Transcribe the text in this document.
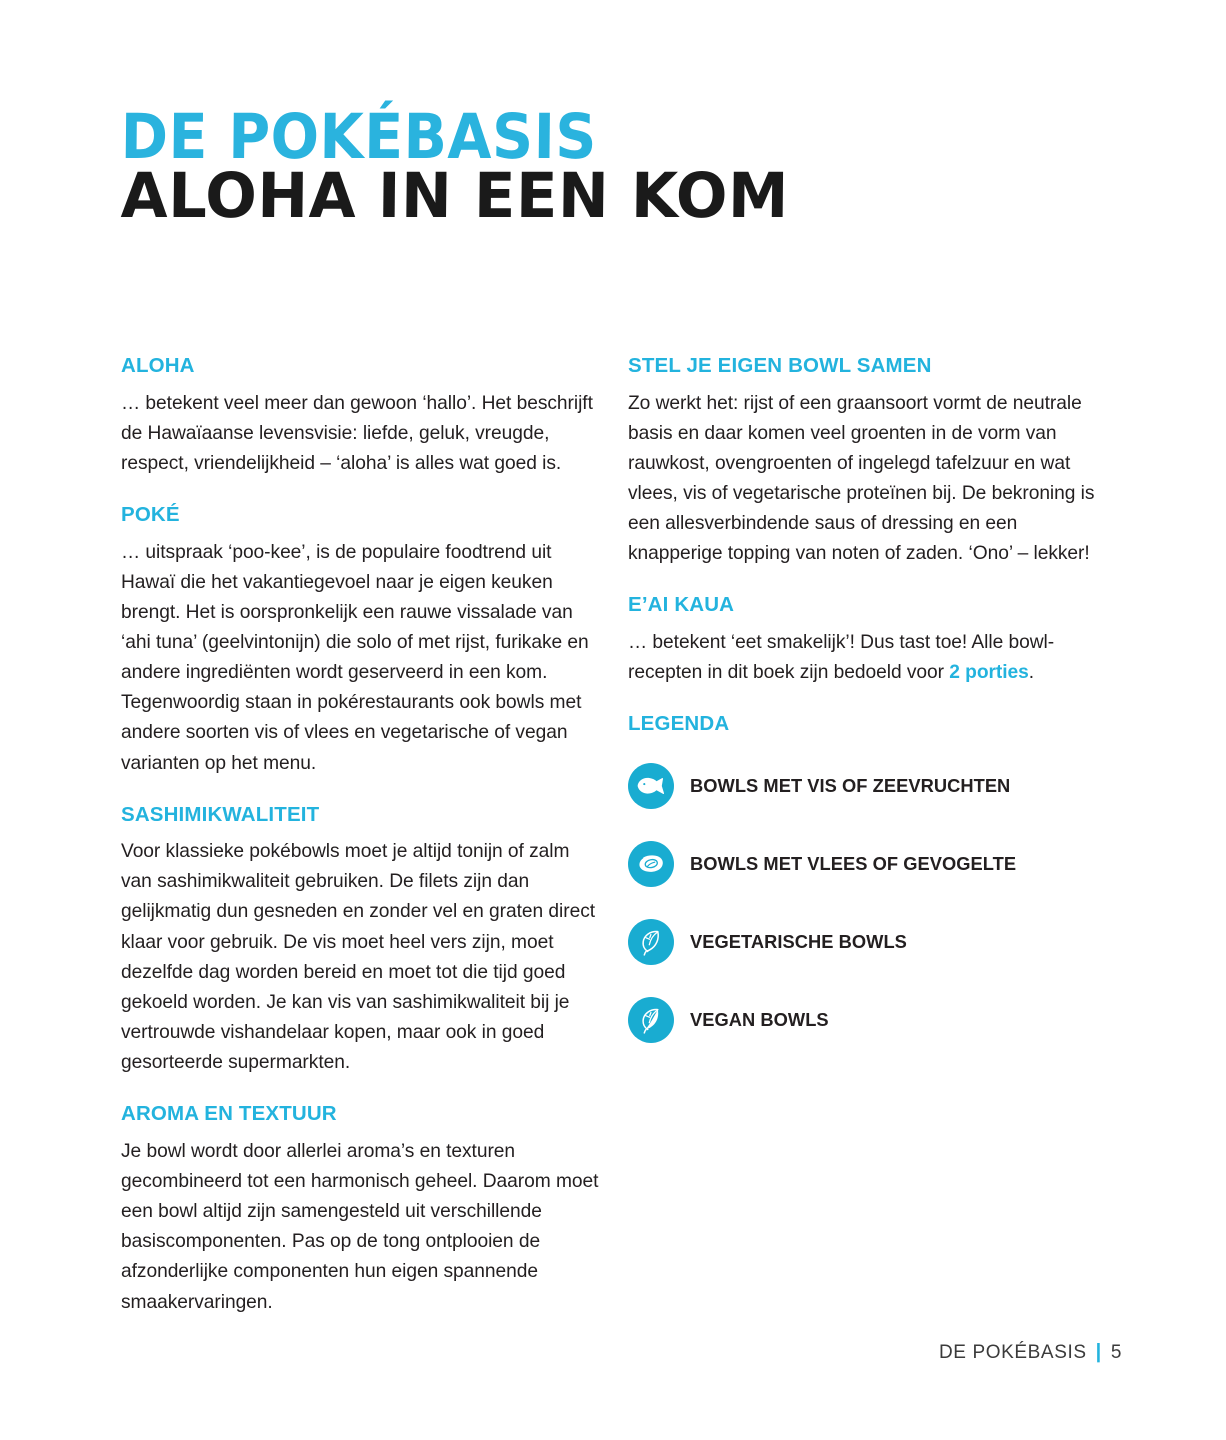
DE POKÉBASIS
ALOHA IN EEN KOM
ALOHA

… betekent veel meer dan gewoon ‘hallo’. Het beschrijft de Hawaïaanse levensvisie: liefde, geluk, vreugde, respect, vriendelijkheid – ‘aloha’ is alles wat goed is.

POKÉ

… uitspraak ‘poo-kee’, is de populaire foodtrend uit Hawaï die het vakantiegevoel naar je eigen keuken brengt. Het is oorspronkelijk een rauwe vissalade van ‘ahi tuna’ (geelvintonijn) die solo of met rijst, furikake en andere ingrediënten wordt geserveerd in een kom. Tegenwoordig staan in pokérestaurants ook bowls met andere soorten vis of vlees en vegetarische of vegan varianten op het menu.

SASHIMIKWALITEIT

Voor klassieke pokébowls moet je altijd tonijn of zalm van sashimikwaliteit gebruiken. De filets zijn dan gelijkmatig dun gesneden en zonder vel en graten direct klaar voor gebruik. De vis moet heel vers zijn, moet dezelfde dag worden bereid en moet tot die tijd goed gekoeld worden. Je kan vis van sashimikwaliteit bij je vertrouwde vishandelaar kopen, maar ook in goed gesorteerde supermarkten.

AROMA EN TEXTUUR

Je bowl wordt door allerlei aroma’s en texturen gecombineerd tot een harmonisch geheel. Daarom moet een bowl altijd zijn samengesteld uit verschillende basiscomponenten. Pas op de tong ontplooien de afzonderlijke componenten hun eigen spannende smaakervaringen.

STEL JE EIGEN BOWL SAMEN

Zo werkt het: rijst of een graansoort vormt de neutrale basis en daar komen veel groenten in de vorm van rauwkost, ovengroenten of ingelegd tafelzuur en wat vlees, vis of vegetarische proteïnen bij. De bekroning is een allesverbindende saus of dressing en een knapperige topping van noten of zaden. ‘Ono’ – lekker!

E’AI KAUA

… betekent ‘eet smakelijk’! Dus tast toe! Alle bowl-recepten in dit boek zijn bedoeld voor 2 porties.

LEGENDA
BOWLS MET VIS OF ZEEVRUCHTEN
BOWLS MET VLEES OF GEVOGELTE
VEGETARISCHE BOWLS
VEGAN BOWLS
DE POKÉBASIS | 5
